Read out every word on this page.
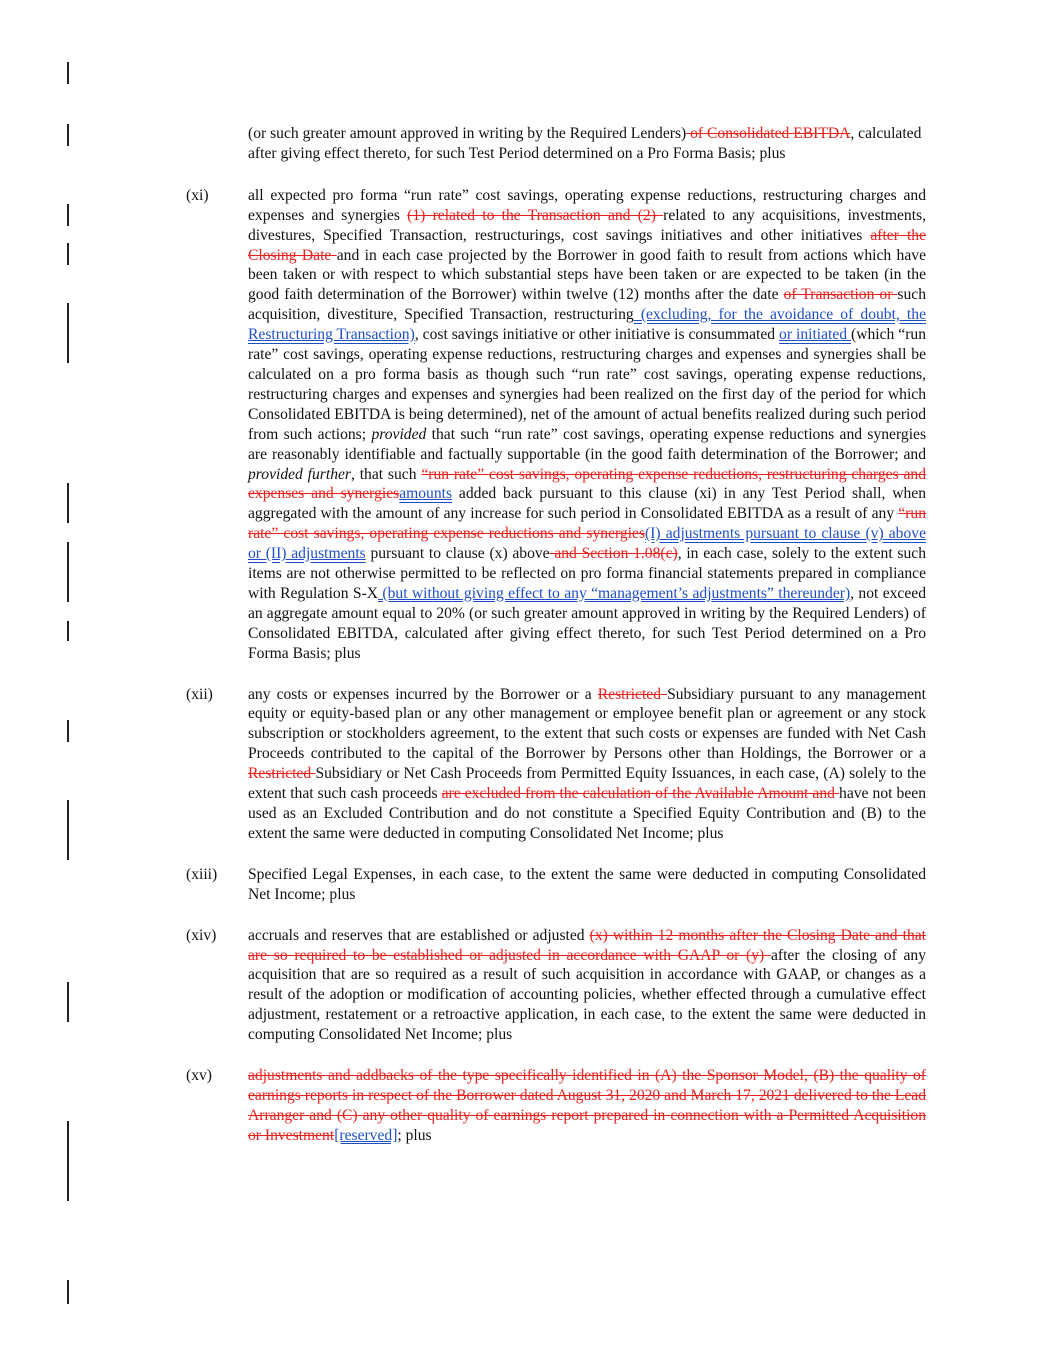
(or such greater amount approved in writing by the Required Lenders) of Consolidated EBITDA, calculated after giving effect thereto, for such Test Period determined on a Pro Forma Basis; plus
(xi)	all expected pro forma “run rate” cost savings, operating expense reductions, restructuring charges and expenses and synergies (1) related to the Transaction and (2) related to any acquisitions, investments, divestures, Specified Transaction, restructurings, cost savings initiatives and other initiatives after the Closing Date and in each case projected by the Borrower in good faith to result from actions which have been taken or with respect to which substantial steps have been taken or are expected to be taken (in the good faith determination of the Borrower) within twelve (12) months after the date of Transaction or such acquisition, divestiture, Specified Transaction, restructuring (excluding, for the avoidance of doubt, the Restructuring Transaction), cost savings initiative or other initiative is consummated or initiated (which “run rate” cost savings, operating expense reductions, restructuring charges and expenses and synergies shall be calculated on a pro forma basis as though such “run rate” cost savings, operating expense reductions, restructuring charges and expenses and synergies had been realized on the first day of the period for which Consolidated EBITDA is being determined), net of the amount of actual benefits realized during such period from such actions; provided that such “run rate” cost savings, operating expense reductions and synergies are reasonably identifiable and factually supportable (in the good faith determination of the Borrower; and provided further, that such “run rate” cost savings, operating expense reductions, restructuring charges and expenses and synergiesamounts added back pursuant to this clause (xi) in any Test Period shall, when aggregated with the amount of any increase for such period in Consolidated EBITDA as a result of any “run rate” cost savings, operating expense reductions and synergies(I) adjustments pursuant to clause (v) above or (II) adjustments pursuant to clause (x) above and Section 1.08(c), in each case, solely to the extent such items are not otherwise permitted to be reflected on pro forma financial statements prepared in compliance with Regulation S-X (but without giving effect to any “management’s adjustments” thereunder), not exceed an aggregate amount equal to 20% (or such greater amount approved in writing by the Required Lenders) of Consolidated EBITDA, calculated after giving effect thereto, for such Test Period determined on a Pro Forma Basis; plus
(xii)	any costs or expenses incurred by the Borrower or a Restricted Subsidiary pursuant to any management equity or equity-based plan or any other management or employee benefit plan or agreement or any stock subscription or stockholders agreement, to the extent that such costs or expenses are funded with Net Cash Proceeds contributed to the capital of the Borrower by Persons other than Holdings, the Borrower or a Restricted Subsidiary or Net Cash Proceeds from Permitted Equity Issuances, in each case, (A) solely to the extent that such cash proceeds are excluded from the calculation of the Available Amount and have not been used as an Excluded Contribution and do not constitute a Specified Equity Contribution and (B) to the extent the same were deducted in computing Consolidated Net Income; plus
(xiii)	Specified Legal Expenses, in each case, to the extent the same were deducted in computing Consolidated Net Income; plus
(xiv)	accruals and reserves that are established or adjusted (x) within 12 months after the Closing Date and that are so required to be established or adjusted in accordance with GAAP or (y) after the closing of any acquisition that are so required as a result of such acquisition in accordance with GAAP, or changes as a result of the adoption or modification of accounting policies, whether effected through a cumulative effect adjustment, restatement or a retroactive application, in each case, to the extent the same were deducted in computing Consolidated Net Income; plus
(xv)	adjustments and addbacks of the type specifically identified in (A) the Sponsor Model, (B) the quality of earnings reports in respect of the Borrower dated August 31, 2020 and March 17, 2021 delivered to the Lead Arranger and (C) any other quality of earnings report prepared in connection with a Permitted Acquisition or Investment[reserved]; plus
